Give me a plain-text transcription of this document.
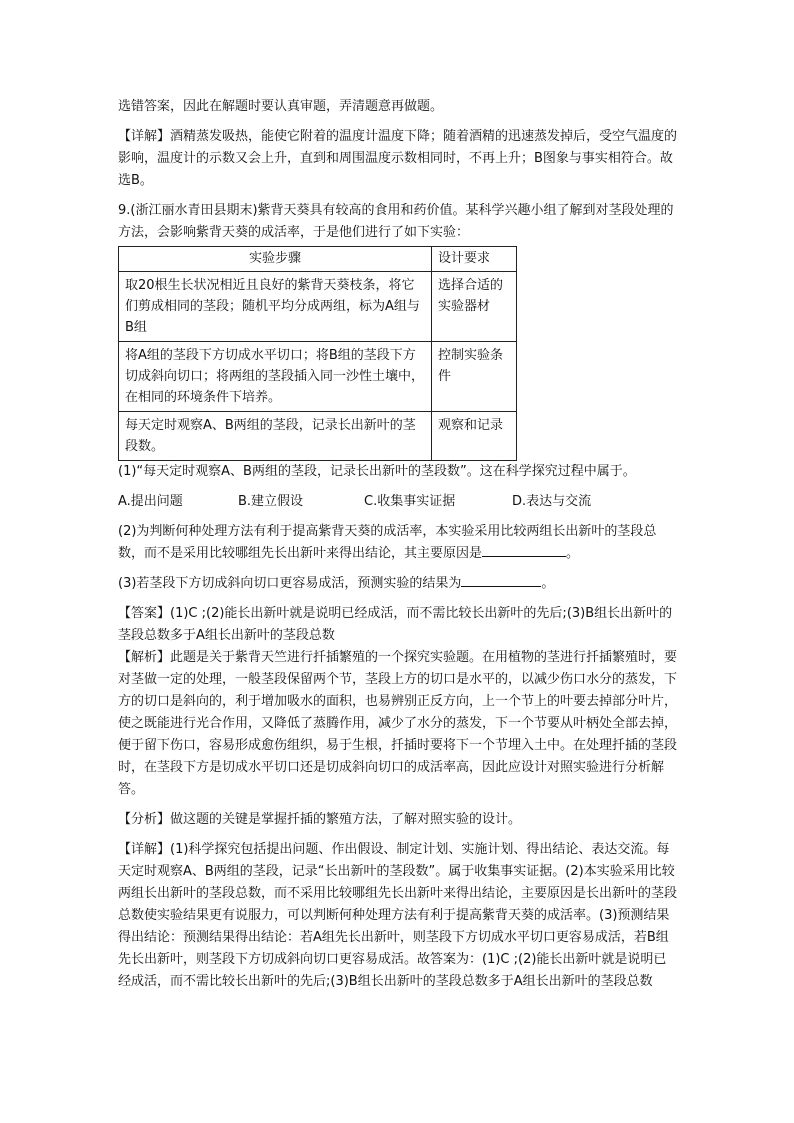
选错答案，因此在解题时要认真审题，弄清题意再做题。

【详解】酒精蒸发吸热，能使它附着的温度计温度下降；随着酒精的迅速蒸发掉后，受空气温度的影响，温度计的示数又会上升，直到和周围温度示数相同时，不再上升；B图象与事实相符合。故选B。

9.(浙江丽水青田县期末)紫背天葵具有较高的食用和药价值。某科学兴趣小组了解到对茎段处理的方法，会影响紫背天葵的成活率，于是他们进行了如下实验：

实验步骤	设计要求
取20根生长状况相近且良好的紫背天葵枝条，将它们剪成相同的茎段；随机平均分成两组，标为A组与B组	选择合适的实验器材
将A组的茎段下方切成水平切口；将B组的茎段下方切成斜向切口；将两组的茎段插入同一沙性土壤中，在相同的环境条件下培养。	控制实验条件
每天定时观察A、B两组的茎段，记录长出新叶的茎段数。	观察和记录

(1)“每天定时观察A、B两组的茎段，记录长出新叶的茎段数”。这在科学探究过程中属于。

A.提出问题	B.建立假设	C.收集事实证据	D.表达与交流

(2)为判断何种处理方法有利于提高紫背天葵的成活率，本实验采用比较两组长出新叶的茎段总数，而不是采用比较哪组先长出新叶来得出结论，其主要原因是	。

(3)若茎段下方切成斜向切口更容易成活，预测实验的结果为	。

【答案】(1)C ;(2)能长出新叶就是说明已经成活，而不需比较长出新叶的先后;(3)B组长出新叶的茎段总数多于A组长出新叶的茎段总数

【解析】此题是关于紫背天竺进行扦插繁殖的一个探究实验题。在用植物的茎进行扦插繁殖时，要对茎做一定的处理，一般茎段保留两个节，茎段上方的切口是水平的，以减少伤口水分的蒸发，下方的切口是斜向的，利于增加吸水的面积，也易辨别正反方向，上一个节上的叶要去掉部分叶片，使之既能进行光合作用，又降低了蒸腾作用，减少了水分的蒸发，下一个节要从叶柄处全部去掉，便于留下伤口，容易形成愈伤组织，易于生根，扦插时要将下一个节埋入土中。在处理扦插的茎段时，在茎段下方是切成水平切口还是切成斜向切口的成活率高，因此应设计对照实验进行分析解答。

【分析】做这题的关键是掌握扦插的繁殖方法，了解对照实验的设计。

【详解】(1)科学探究包括提出问题、作出假设、制定计划、实施计划、得出结论、表达交流。每天定时观察A、B两组的茎段，记录“长出新叶的茎段数”。属于收集事实证据。(2)本实验采用比较两组长出新叶的茎段总数，而不采用比较哪组先长出新叶来得出结论，主要原因是长出新叶的茎段总数使实验结果更有说服力，可以判断何种处理方法有利于提高紫背天葵的成活率。(3)预测结果得出结论：预测结果得出结论：若A组先长出新叶，则茎段下方切成水平切口更容易成活，若B组先长出新叶，则茎段下方切成斜向切口更容易成活。故答案为：(1)C ;(2)能长出新叶就是说明已经成活，而不需比较长出新叶的先后;(3)B组长出新叶的茎段总数多于A组长出新叶的茎段总数
